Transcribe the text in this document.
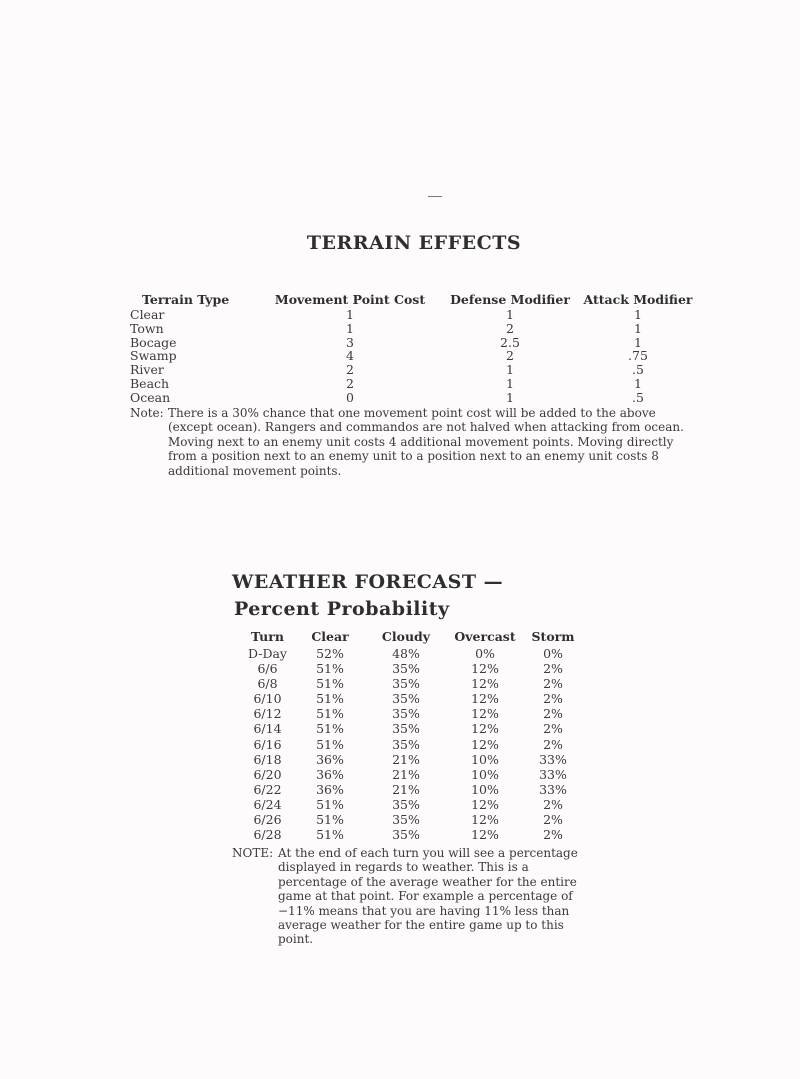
TERRAIN EFFECTS
Terrain Type	Movement Point Cost	Defense Modifier	Attack Modifier
Clear	1	1	1
Town	1	2	1
Bocage	3	2.5	1
Swamp	4	2	.75
River	2	1	.5
Beach	2	1	1
Ocean	0	1	.5
Note: There is a 30% chance that one movement point cost will be added to the above (except ocean). Rangers and commandos are not halved when attacking from ocean. Moving next to an enemy unit costs 4 additional movement points. Moving directly from a position next to an enemy unit to a position next to an enemy unit costs 8 additional movement points.
WEATHER FORECAST —
Percent Probability
Turn	Clear	Cloudy	Overcast	Storm
D-Day	52%	48%	0%	0%
6/6	51%	35%	12%	2%
6/8	51%	35%	12%	2%
6/10	51%	35%	12%	2%
6/12	51%	35%	12%	2%
6/14	51%	35%	12%	2%
6/16	51%	35%	12%	2%
6/18	36%	21%	10%	33%
6/20	36%	21%	10%	33%
6/22	36%	21%	10%	33%
6/24	51%	35%	12%	2%
6/26	51%	35%	12%	2%
6/28	51%	35%	12%	2%
NOTE: At the end of each turn you will see a percentage displayed in regards to weather. This is a percentage of the average weather for the entire game at that point. For example a percentage of −11% means that you are having 11% less than average weather for the entire game up to this point.
